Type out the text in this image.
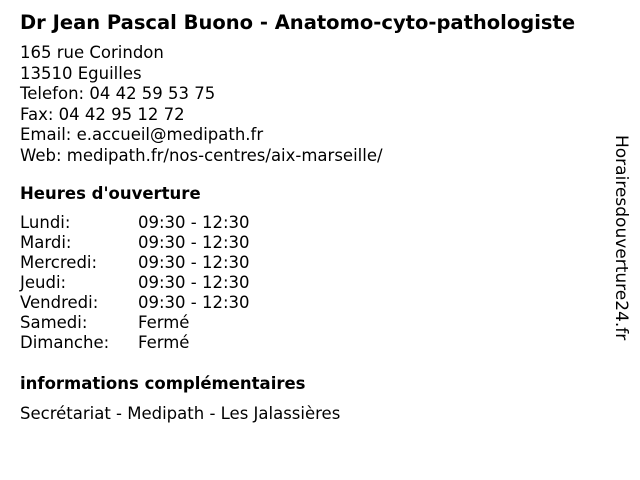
Dr Jean Pascal Buono - Anatomo-cyto-pathologiste
165 rue Corindon
13510 Eguilles
Telefon: 04 42 59 53 75
Fax: 04 42 95 12 72
Email: e.accueil@medipath.fr
Web: medipath.fr/nos-centres/aix-marseille/
Heures d'ouverture
Lundi:	09:30 - 12:30
Mardi:	09:30 - 12:30
Mercredi: 09:30 - 12:30
Jeudi:	09:30 - 12:30
Vendredi: 09:30 - 12:30
Samedi:	Fermé
Dimanche: Fermé
informations complémentaires
Secrétariat - Medipath - Les Jalassières
Horairesdouverture24.fr
